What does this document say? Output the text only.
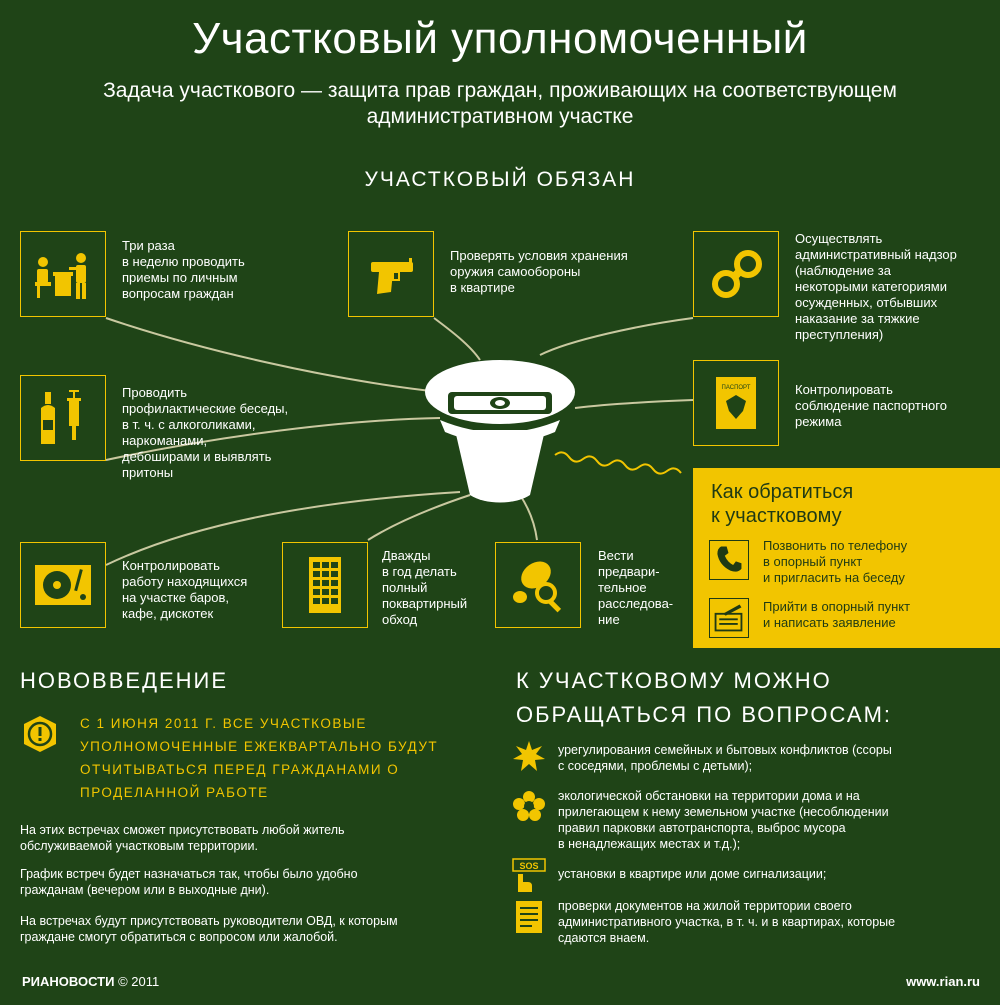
Участковый уполномоченный
Задача участкового — защита прав граждан, проживающих на соответствующем административном участке
УЧАСТКОВЫЙ ОБЯЗАН
Три раза
в неделю проводить
приемы по личным
вопросам граждан
Проверять условия хранения
оружия самообороны
в квартире
Осуществлять
административный надзор
(наблюдение за
некоторыми категориями
осужденных, отбывших
наказание за тяжкие
преступления)
Проводить
профилактические беседы,
в т. ч. с алкоголиками,
наркоманами,
дебоширами и выявлять
притоны
ПАСПОРТ	Контролировать
соблюдение паспортного
режима
Контролировать
работу находящихся
на участке баров,
кафе, дискотек
Дважды
в год делать
полный
поквартирный
обход
Вести
предвари-
тельное
расследова-
ние
Как обратиться
к участковому
Позвонить по телефону
в опорный пункт
и пригласить на беседу
Прийти в опорный пункт
и написать заявление
НОВОВВЕДЕНИЕ
С 1 ИЮНЯ 2011 Г. ВСЕ УЧАСТКОВЫЕ УПОЛНОМОЧЕННЫЕ ЕЖЕКВАРТАЛЬНО БУДУТ ОТЧИТЫВАТЬСЯ ПЕРЕД ГРАЖДАНАМИ О ПРОДЕЛАННОЙ РАБОТЕ
На этих встречах сможет присутствовать любой житель
обслуживаемой участковым территории.
График встреч будет назначаться так, чтобы было удобно
гражданам (вечером или в выходные дни).
На встречах будут присутствовать руководители ОВД, к которым
граждане смогут обратиться с вопросом или жалобой.
К УЧАСТКОВОМУ МОЖНО
ОБРАЩАТЬСЯ ПО ВОПРОСАМ:
урегулирования семейных и бытовых конфликтов (ссоры
с соседями, проблемы с детьми);
экологической обстановки на территории дома и на
прилегающем к нему земельном участке (несоблюдении
правил парковки автотранспорта, выброс мусора
в ненадлежащих местах и т.д.);
SOS
установки в квартире или доме сигнализации;
проверки документов на жилой территории своего
административного участка, в т. ч. и в квартирах, которые
сдаются внаем.
РИАНОВОСТИ © 2011	www.rian.ru
